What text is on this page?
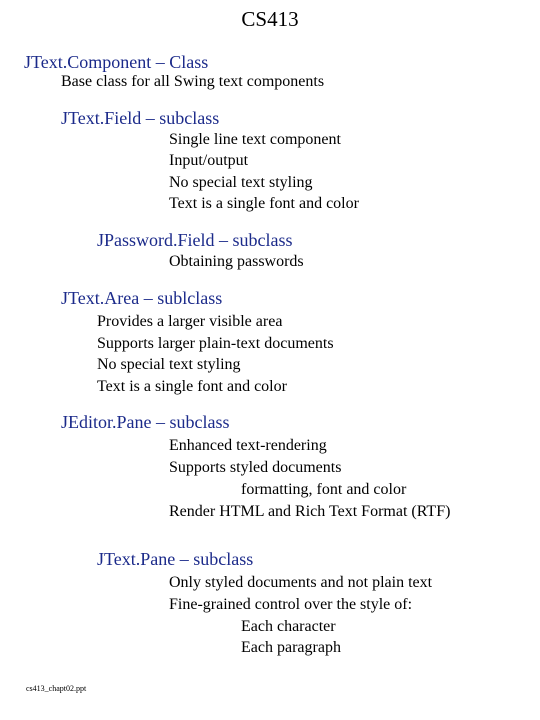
CS413
JText.Component – Class
Base class for all Swing text components
JText.Field – subclass
Single line text component
Input/output
No special text styling
Text is a single font and color
JPassword.Field – subclass
Obtaining passwords
JText.Area – sublclass
Provides a larger visible area
Supports larger plain-text documents
No special text styling
Text is a single font and color
JEditor.Pane – subclass
Enhanced text-rendering
Supports styled documents
formatting, font and color
Render HTML and Rich Text Format (RTF)
JText.Pane – subclass
Only styled documents and not plain text
Fine-grained control over the style of:
Each character
Each paragraph
cs413_chapt02.ppt
